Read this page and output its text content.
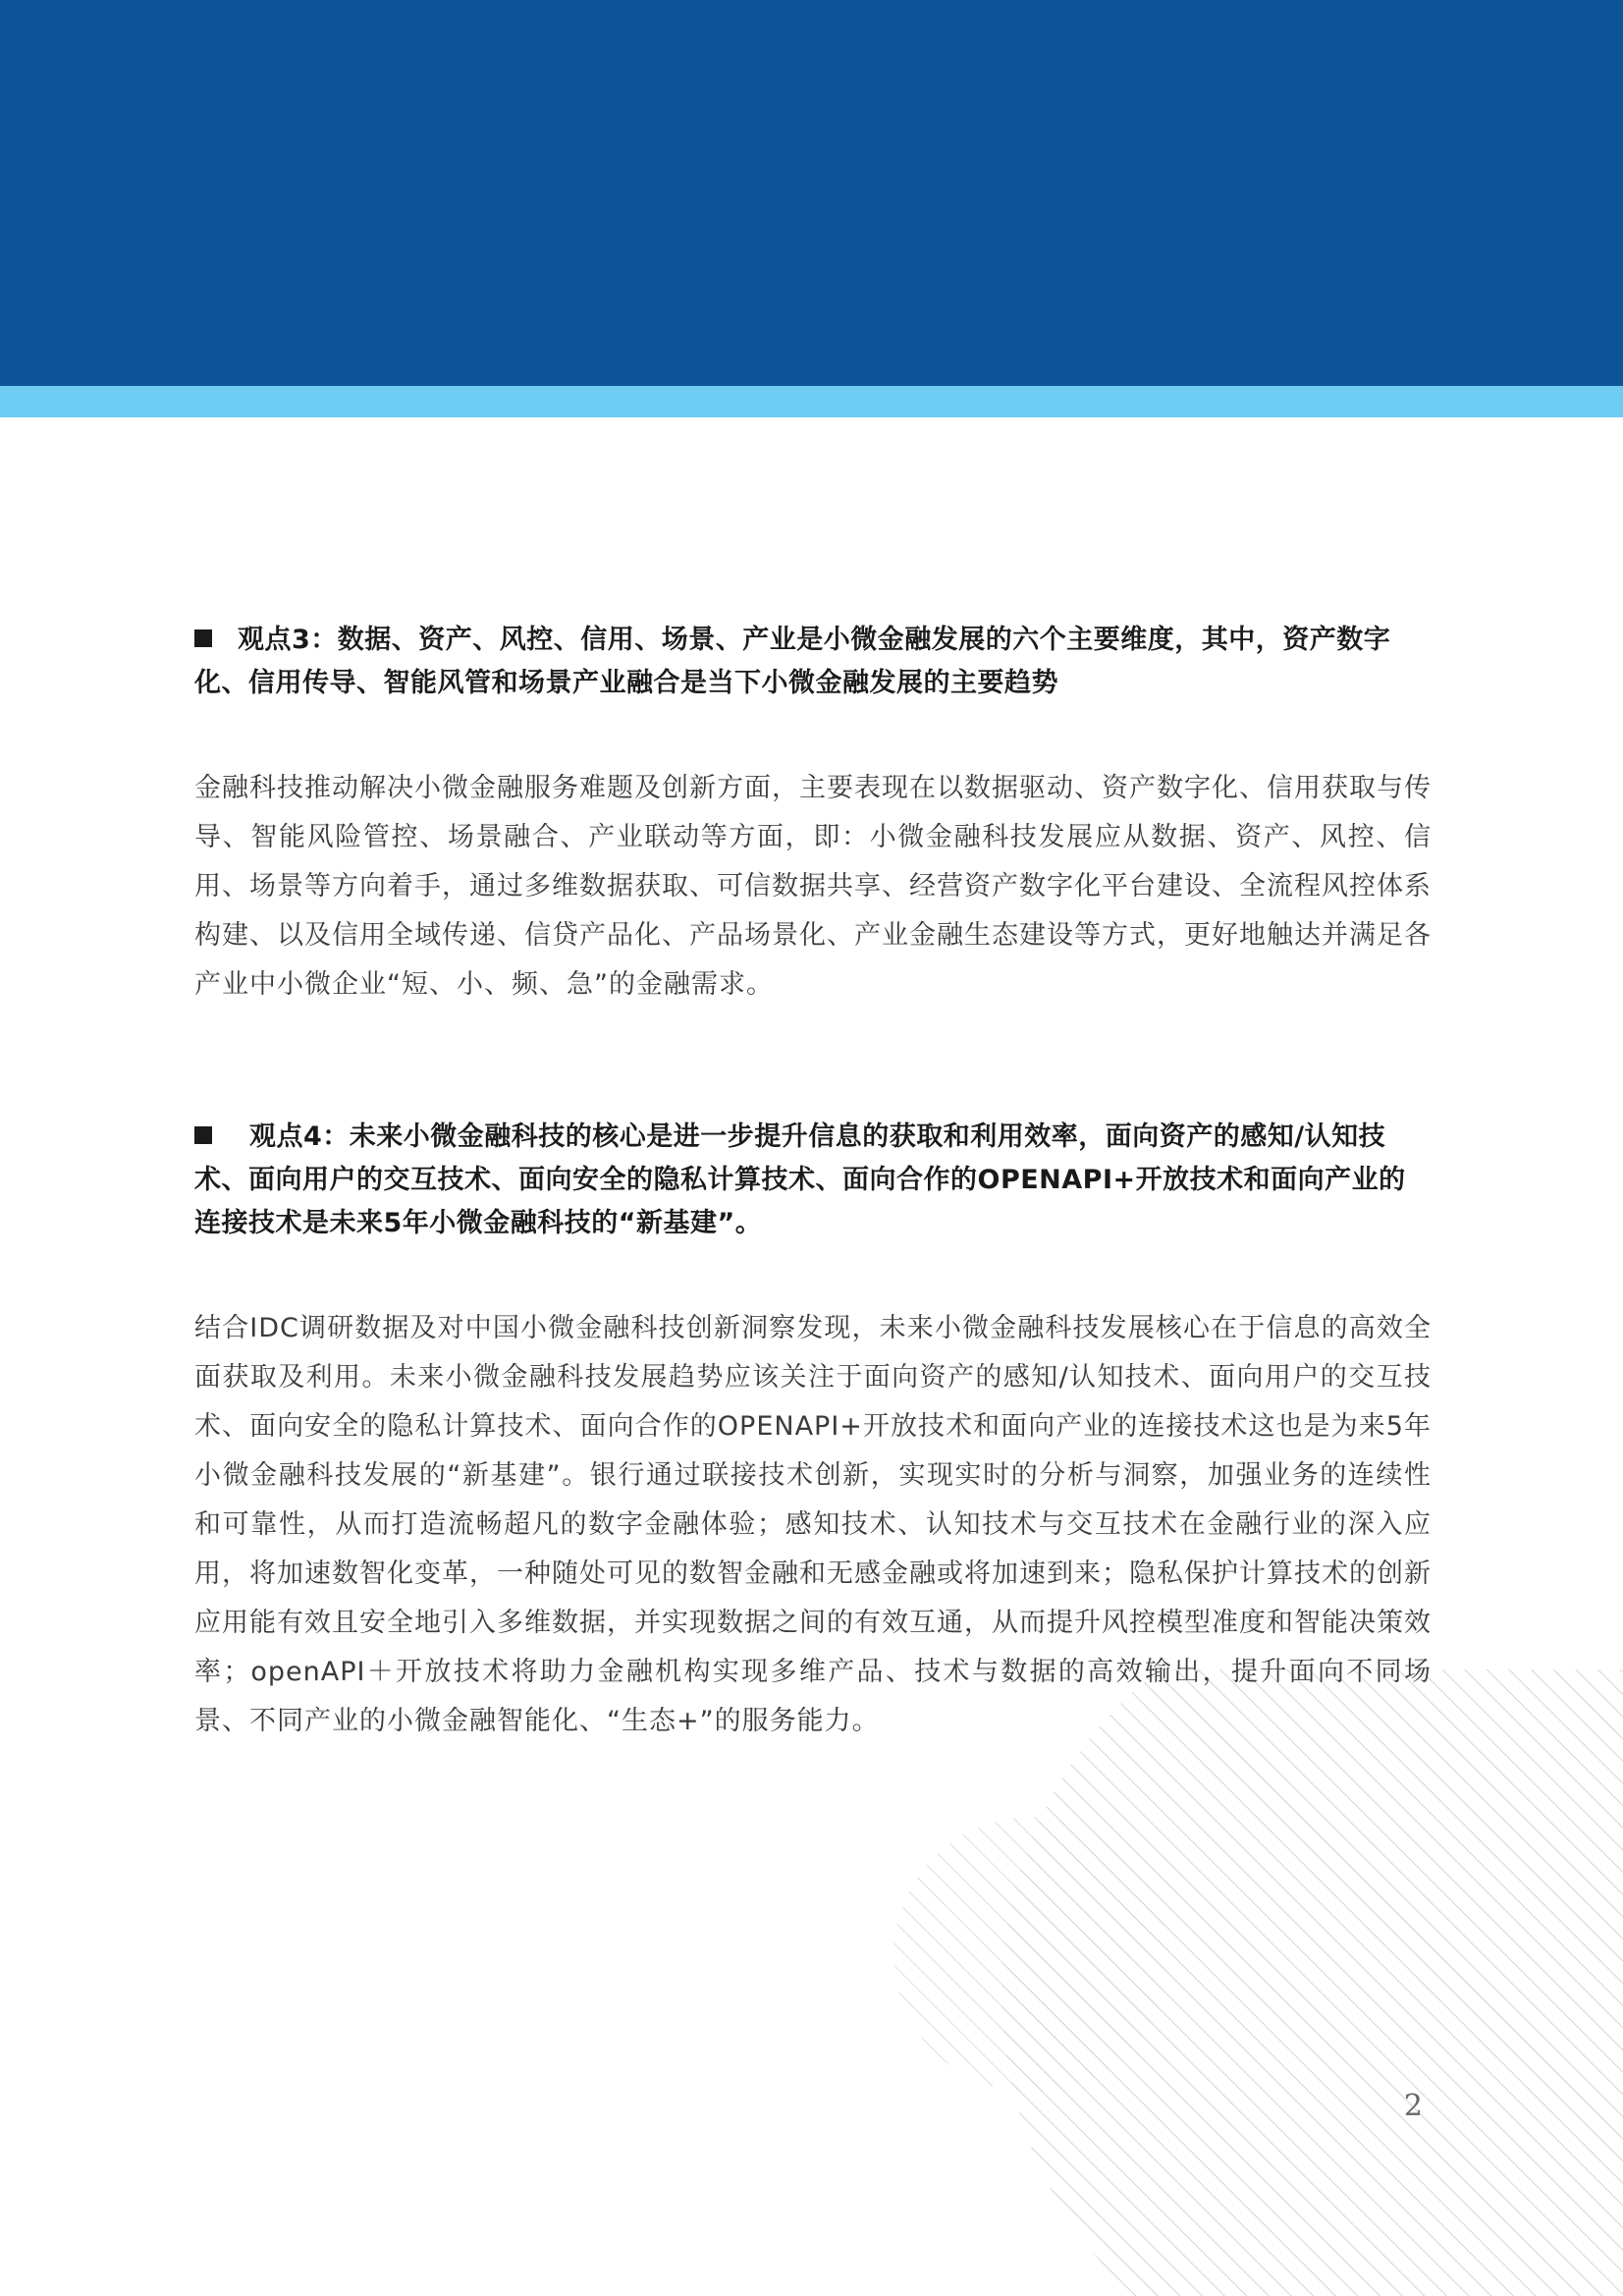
观点3：数据、资产、风控、信用、场景、产业是小微金融发展的六个主要维度，其中，资产数字化、信用传导、智能风管和场景产业融合是当下小微金融发展的主要趋势

金融科技推动解决小微金融服务难题及创新方面，主要表现在以数据驱动、资产数字化、信用获取与传导、智能风险管控、场景融合、产业联动等方面，即：小微金融科技发展应从数据、资产、风控、信用、场景等方向着手，通过多维数据获取、可信数据共享、经营资产数字化平台建设、全流程风控体系构建、以及信用全域传递、信贷产品化、产品场景化、产业金融生态建设等方式，更好地触达并满足各产业中小微企业“短、小、频、急”的金融需求。

观点4：未来小微金融科技的核心是进一步提升信息的获取和利用效率，面向资产的感知/认知技术、面向用户的交互技术、面向安全的隐私计算技术、面向合作的OPENAPI+开放技术和面向产业的连接技术是未来5年小微金融科技的“新基建”。

结合IDC调研数据及对中国小微金融科技创新洞察发现，未来小微金融科技发展核心在于信息的高效全面获取及利用。未来小微金融科技发展趋势应该关注于面向资产的感知/认知技术、面向用户的交互技术、面向安全的隐私计算技术、面向合作的OPENAPI+开放技术和面向产业的连接技术这也是为来5年小微金融科技发展的“新基建”。银行通过联接技术创新，实现实时的分析与洞察，加强业务的连续性和可靠性，从而打造流畅超凡的数字金融体验；感知技术、认知技术与交互技术在金融行业的深入应用，将加速数智化变革，一种随处可见的数智金融和无感金融或将加速到来；隐私保护计算技术的创新应用能有效且安全地引入多维数据，并实现数据之间的有效互通，从而提升风控模型准度和智能决策效率；openAPI＋开放技术将助力金融机构实现多维产品、技术与数据的高效输出，提升面向不同场景、不同产业的小微金融智能化、“生态+”的服务能力。

2
